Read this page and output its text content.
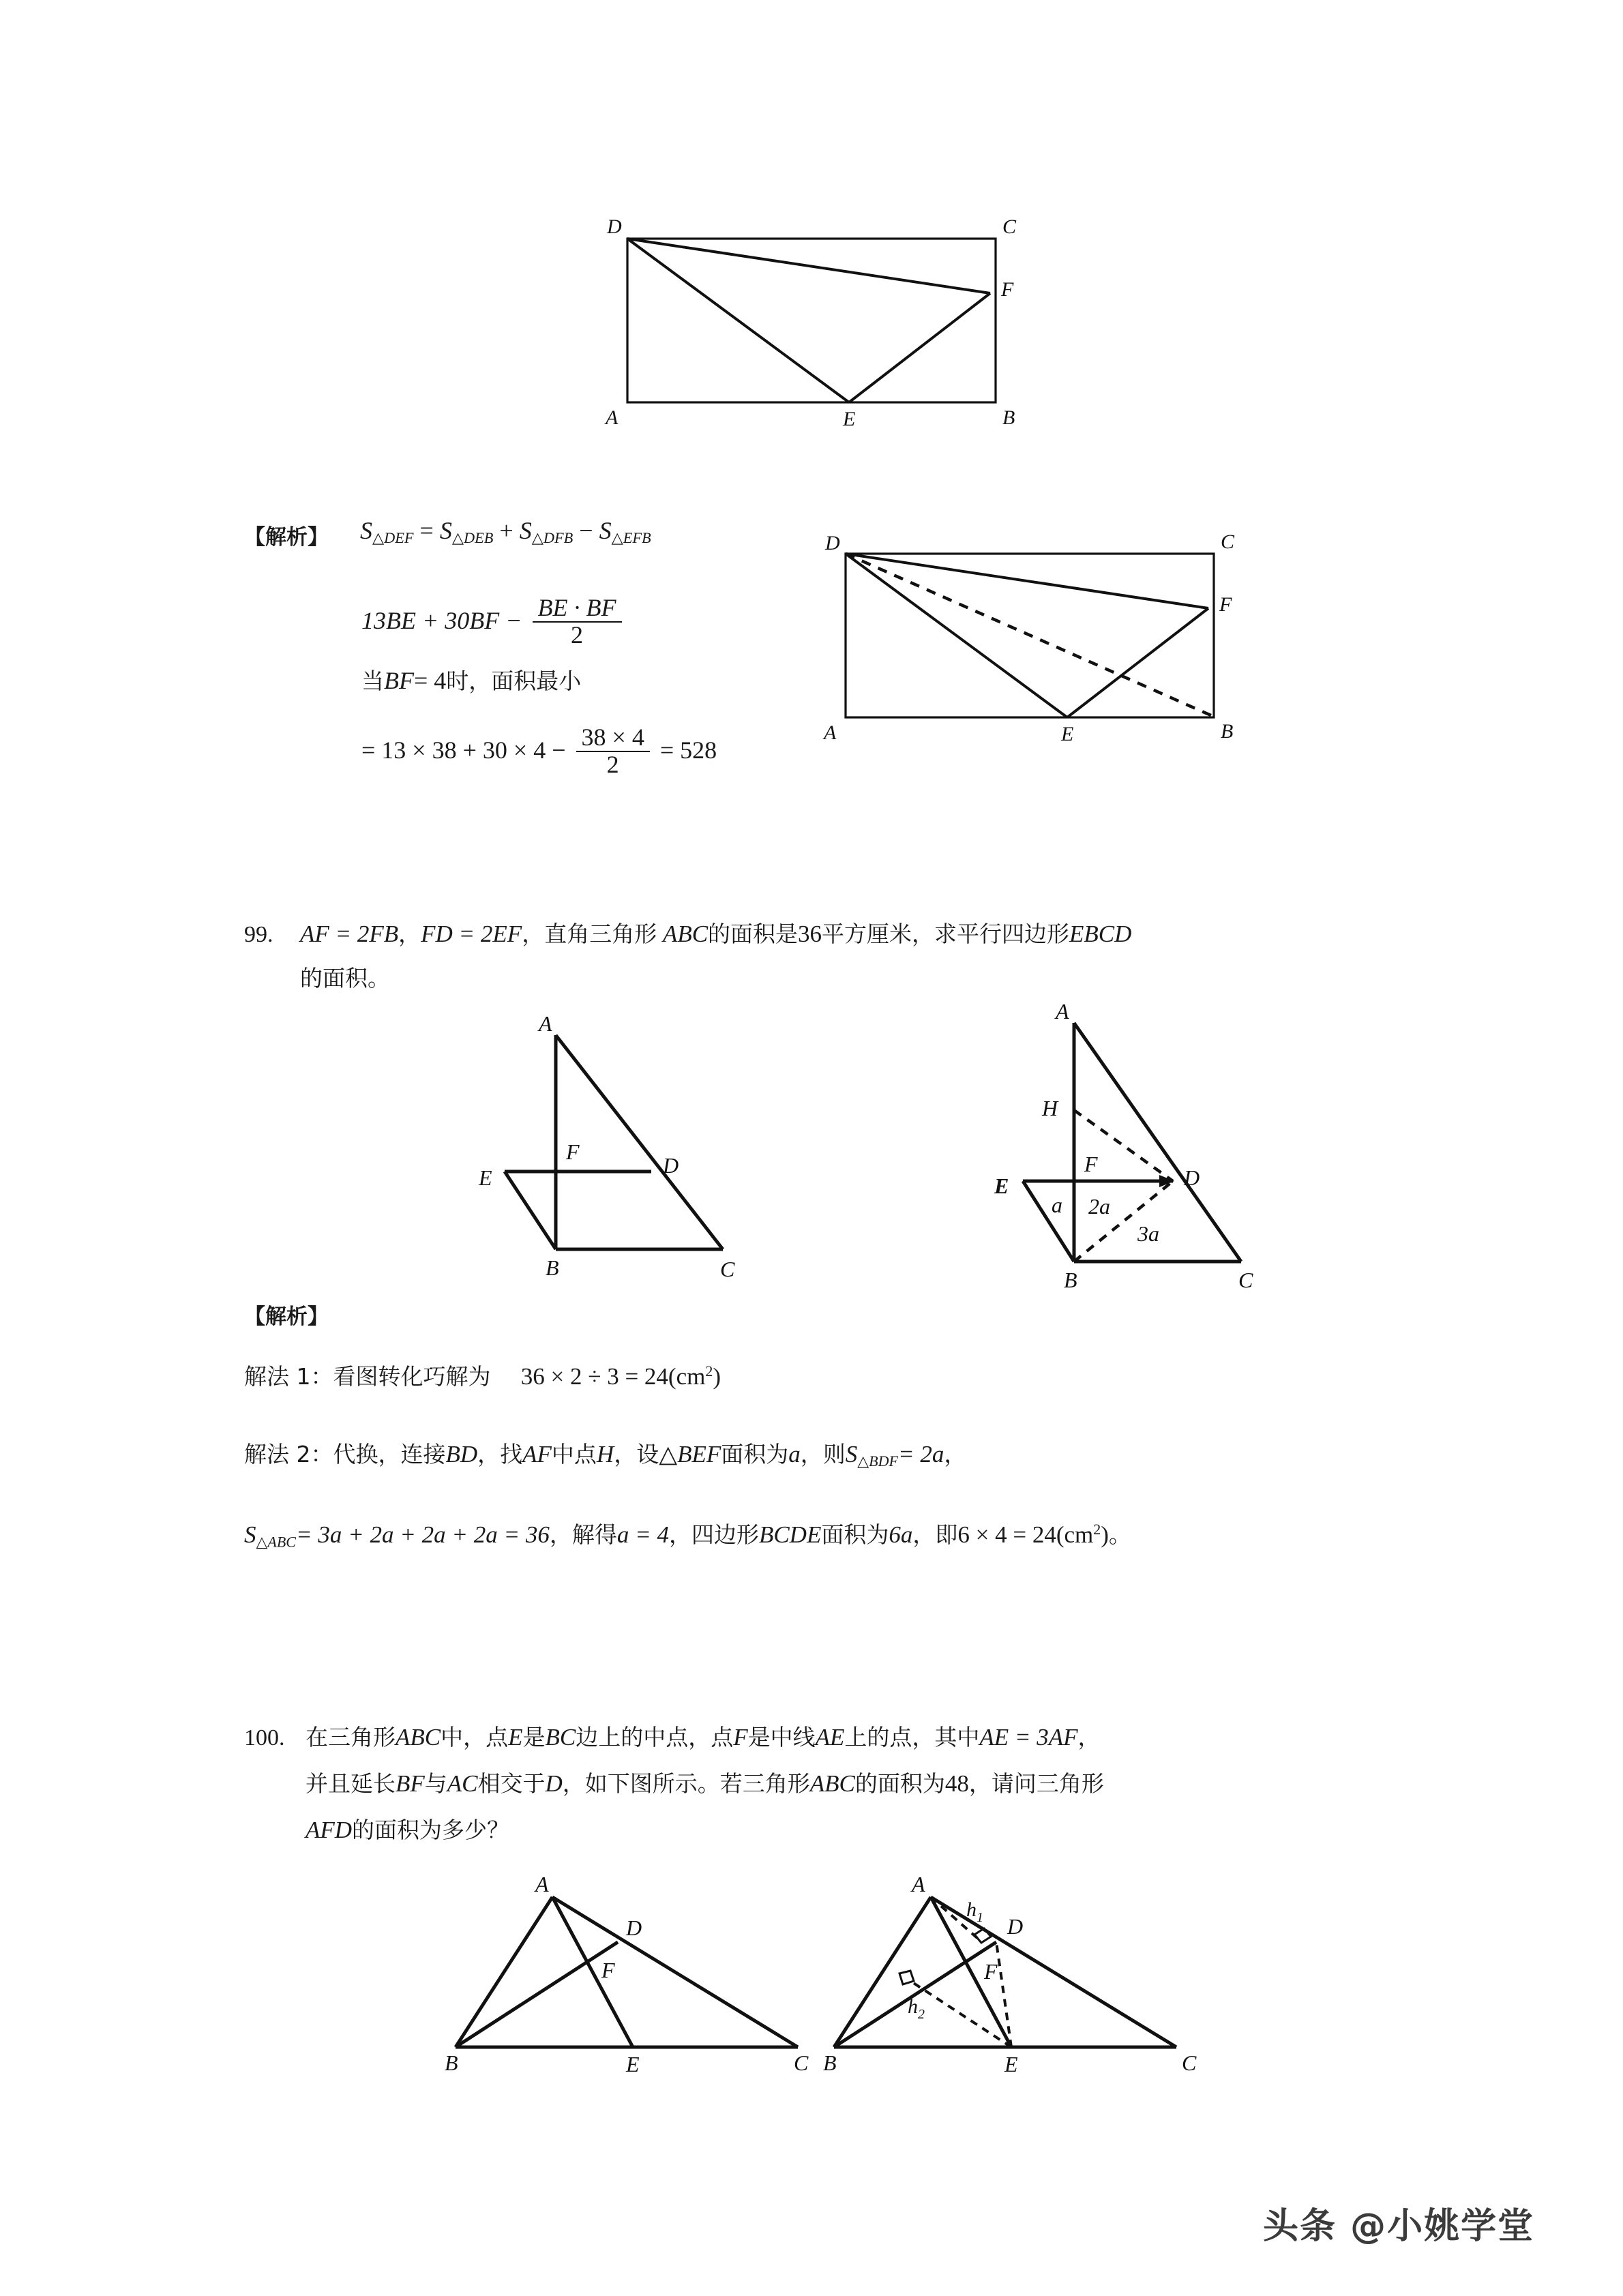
D	C
F
A	E	B
【解析】 $S_{\triangle DEF} = S_{\triangle DEB} + S_{\triangle DFB} - S_{\triangle EFB}$
$13BE + 30BF - \frac{BE \cdot BF}{2}$
当BF= 4时，面积最小
= $13 \times 38 + 30 \times 4 - \frac{38 \times 4}{2} = 528$
D	C
F
A	E	B
99. AF = 2FB，FD = 2EF，直角三角形 ABC的面积是36平方厘米，求平行四边形EBCD
的面积。
A
E
F
D
B	C
A
H
F
E	D
B	C
a 2a
3a
【解析】
解法 1：看图转化巧解为 $36 \times 2 \div 3 = 24(cm^2)$
解法 2：代换，连接BD，找AF中点H，设△BEF面积为a，则$S_{\triangle BDF}= 2a$，
$S_{\triangle ABC}= 3a + 2a + 2a + 2a = 36$，解得a = 4，四边形BCDE面积为6a，即$6 \times 4 = 24(cm^2)$。
100. 在三角形ABC中，点E是BC边上的中点，点F是中线AE上的点，其中AE = 3AF，
并且延长BF与AC相交于D，如下图所示。若三角形ABC的面积为48，请问三角形
AFD的面积为多少？
A
D
F
B	E	C
A
D
F
B	E	C
$h_1$
$h_2$
头条 @小姚学堂
